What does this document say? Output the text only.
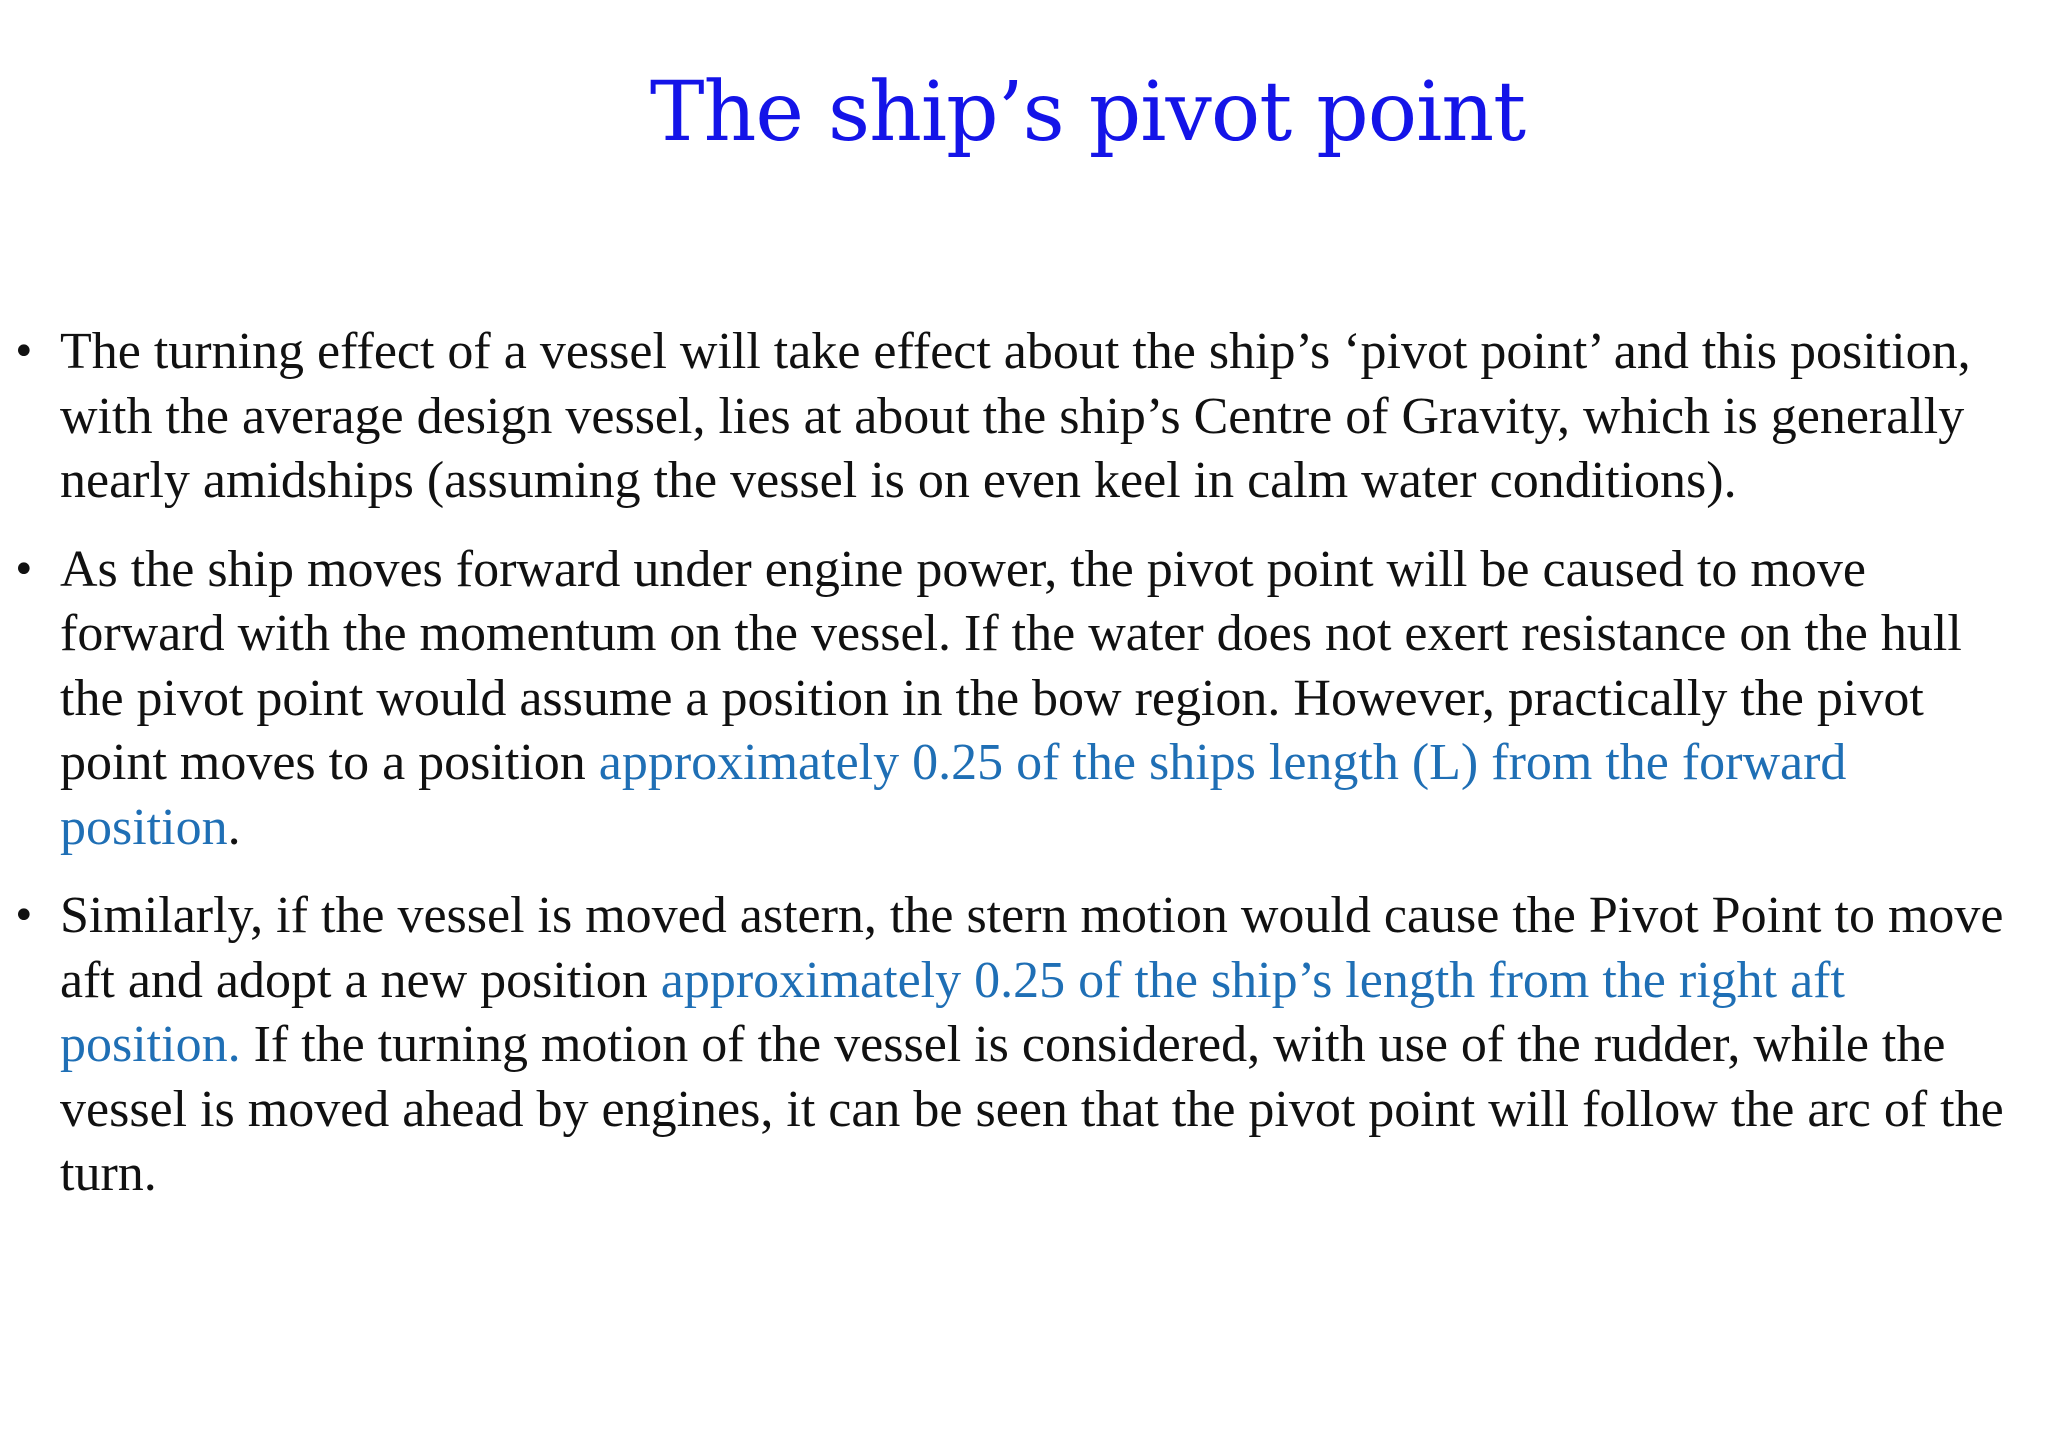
The ship’s pivot point
• The turning effect of a vessel will take effect about the ship’s ‘pivot point’ and this position, with the average design vessel, lies at about the ship’s Centre of Gravity, which is generally nearly amidships (assuming the vessel is on even keel in calm water conditions).
• As the ship moves forward under engine power, the pivot point will be caused to move forward with the momentum on the vessel. If the water does not exert resistance on the hull the pivot point would assume a position in the bow region. However, practically the pivot point moves to a position approximately 0.25 of the ships length (L) from the forward position.
• Similarly, if the vessel is moved astern, the stern motion would cause the Pivot Point to move aft and adopt a new position approximately 0.25 of the ship’s length from the right aft position. If the turning motion of the vessel is considered, with use of the rudder, while the vessel is moved ahead by engines, it can be seen that the pivot point will follow the arc of the turn.
